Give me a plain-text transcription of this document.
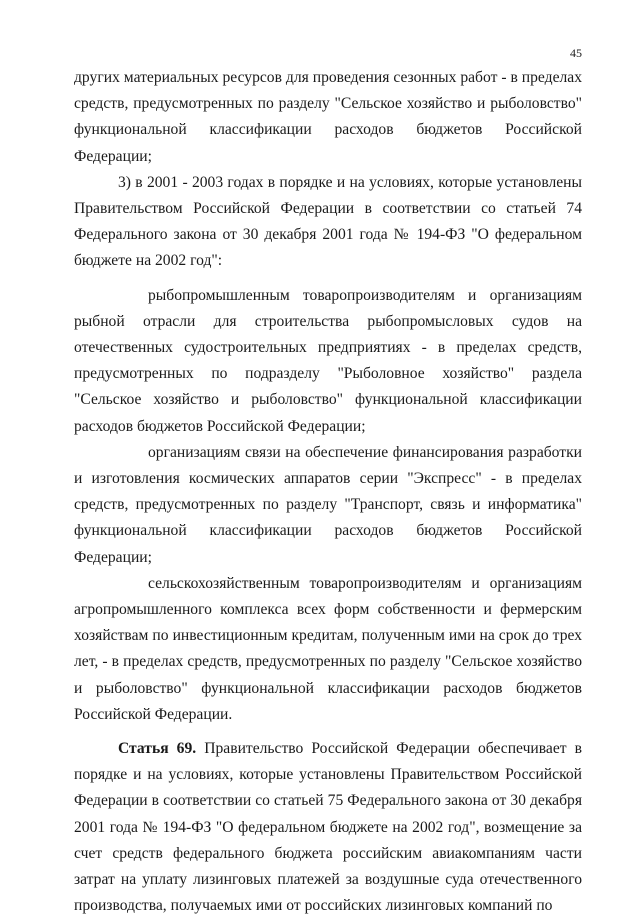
45

других материальных ресурсов для проведения сезонных работ - в пределах средств, предусмотренных по разделу "Сельское хозяйство и рыболовство" функциональной классификации расходов бюджетов Российской Федерации;

3) в 2001 - 2003 годах в порядке и на условиях, которые установлены Правительством Российской Федерации в соответствии со статьей 74 Федерального закона от 30 декабря 2001 года № 194-ФЗ "О федеральном бюджете на 2002 год":

рыбопромышленным товаропроизводителям и организациям рыбной отрасли для строительства рыбопромысловых судов на отечественных судостроительных предприятиях - в пределах средств, предусмотренных по подразделу "Рыболовное хозяйство" раздела "Сельское хозяйство и рыболовство" функциональной классификации расходов бюджетов Российской Федерации;

организациям связи на обеспечение финансирования разработки и изготовления космических аппаратов серии "Экспресс" - в пределах средств, предусмотренных по разделу "Транспорт, связь и информатика" функциональной классификации расходов бюджетов Российской Федерации;

сельскохозяйственным товаропроизводителям и организациям агропромышленного комплекса всех форм собственности и фермерским хозяйствам по инвестиционным кредитам, полученным ими на срок до трех лет, - в пределах средств, предусмотренных по разделу "Сельское хозяйство и рыболовство" функциональной классификации расходов бюджетов Российской Федерации.

Статья 69. Правительство Российской Федерации обеспечивает в порядке и на условиях, которые установлены Правительством Российской Федерации в соответствии со статьей 75 Федерального закона от 30 декабря 2001 года № 194-ФЗ "О федеральном бюджете на 2002 год", возмещение за счет средств федерального бюджета российским авиакомпаниям части затрат на уплату лизинговых платежей за воздушные суда отечественного производства, получаемых ими от российских лизинговых компаний по
